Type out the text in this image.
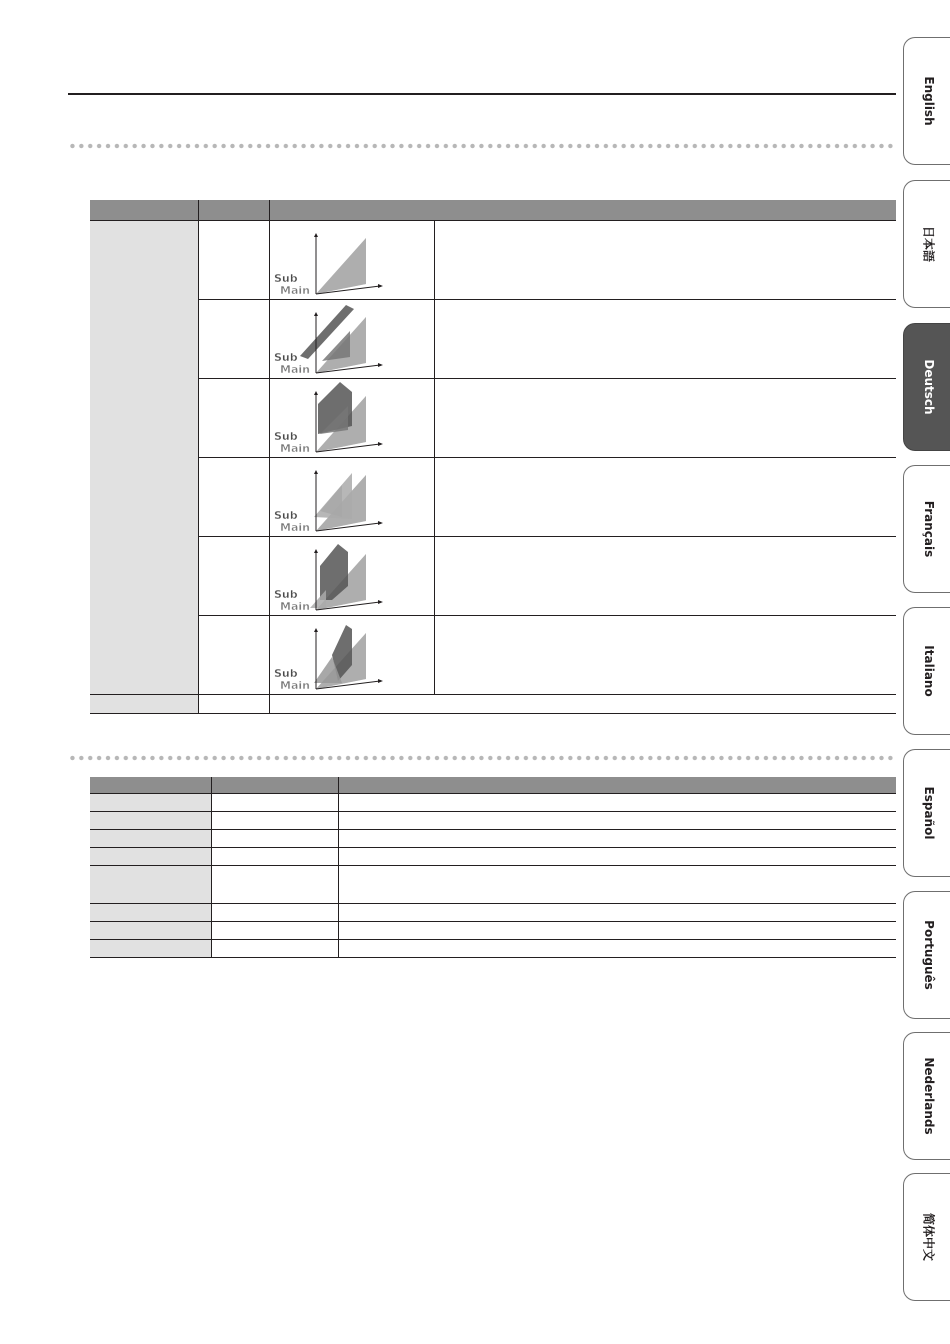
Sub
Main	

Sub
Main	

Sub
Main	

Sub
Main	

Sub
Main	

Sub
Main	

English
日本語
Deutsch
Français
Italiano
Español
Português
Nederlands
简体中文
